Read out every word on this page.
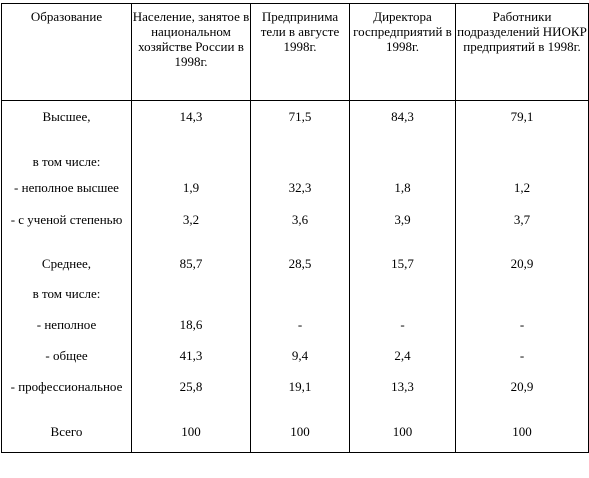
Образование	Население, занятое в национальном хозяйстве России в 1998г.	Предпринима тели в августе 1998г.	Директора госпредприятий в 1998г.	Работники подразделений НИОКР предприятий в 1998г.
Высшее,	14,3	71,5	84,3	79,1
в том числе:				
- неполное высшее	1,9	32,3	1,8	1,2
- с ученой степенью	3,2	3,6	3,9	3,7
Среднее,	85,7	28,5	15,7	20,9
в том числе:				
- неполное	18,6	-	-	-
- общее	41,3	9,4	2,4	-
- профессиональное	25,8	19,1	13,3	20,9
Всего	100	100	100	100
